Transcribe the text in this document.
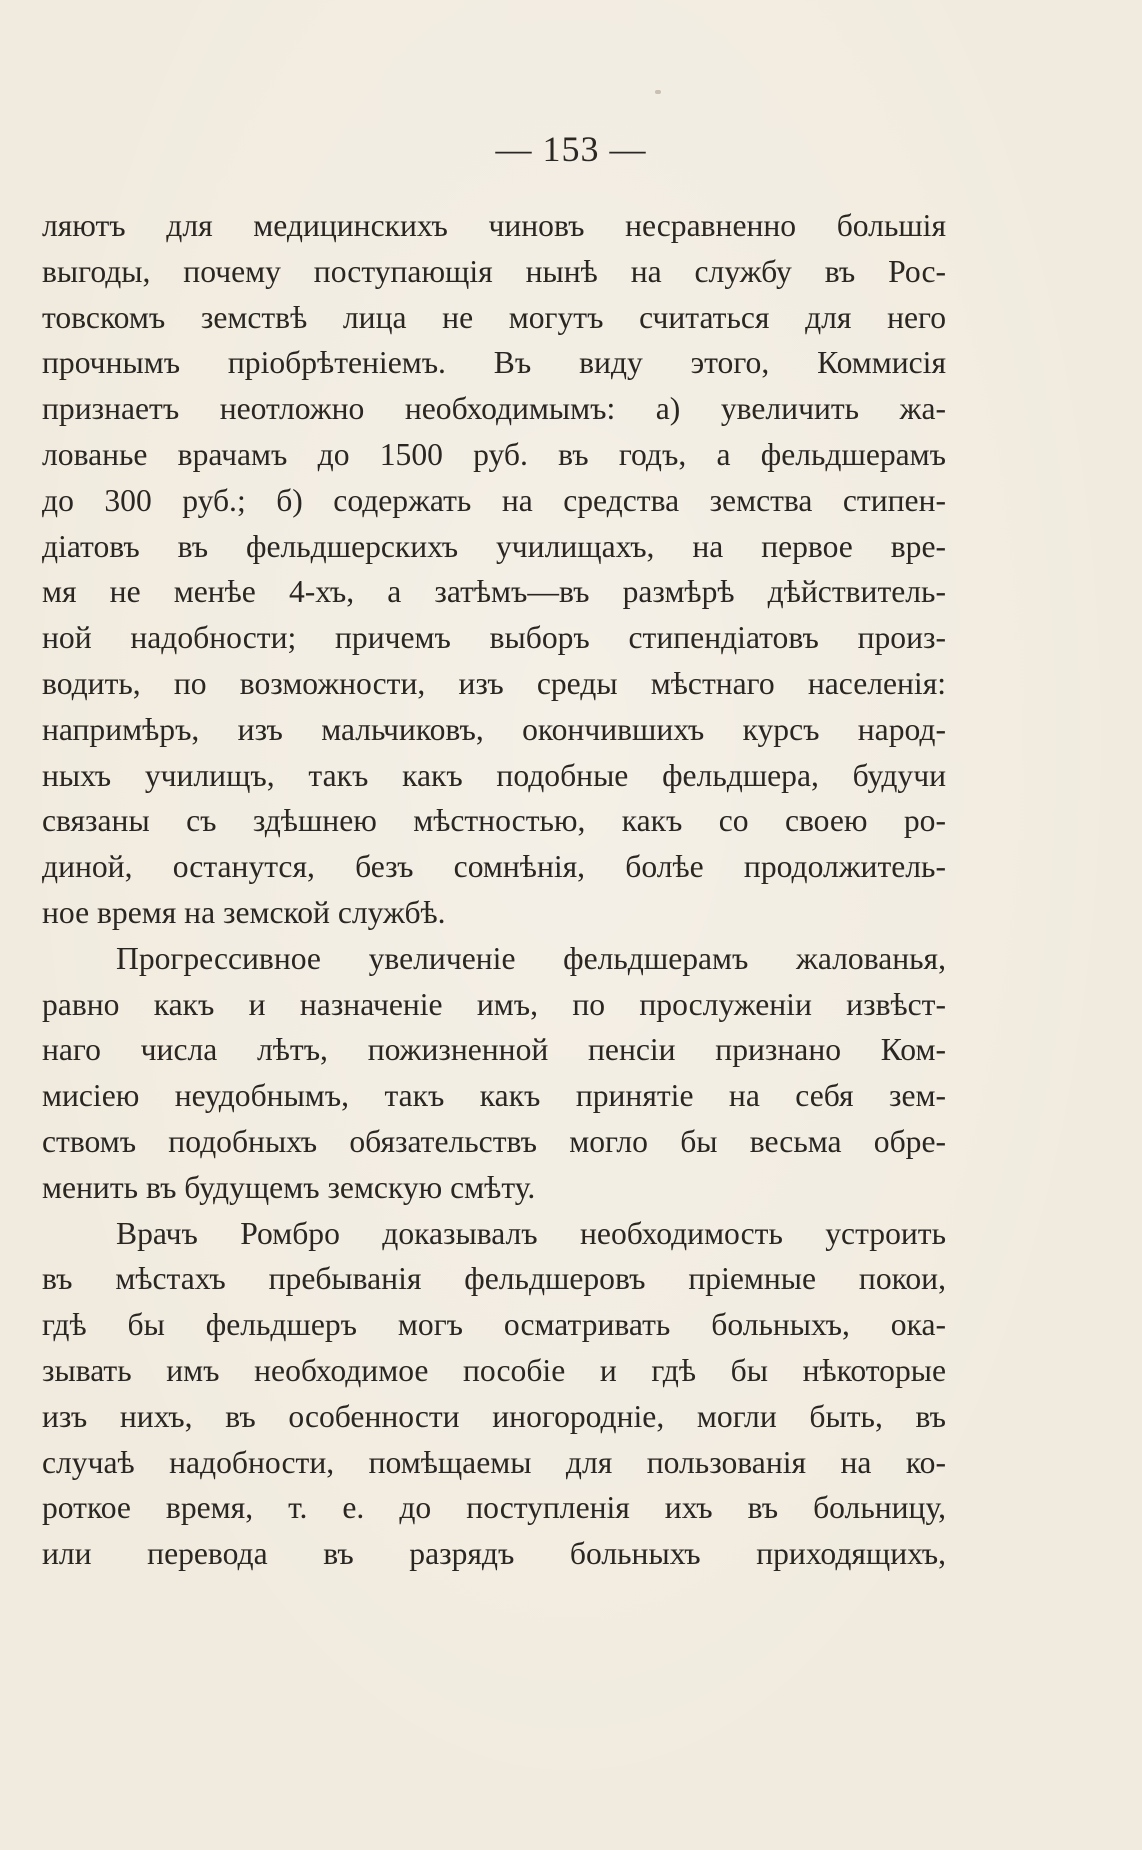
— 153 —
ляютъ для медицинскихъ чиновъ несравненно большія
выгоды, почему поступающія нынѣ на службу въ Рос-
товскомъ земствѣ лица не могутъ считаться для него
прочнымъ пріобрѣтеніемъ. Въ виду этого, Коммисія
признаетъ неотложно необходимымъ: а) увеличить жа-
лованье врачамъ до 1500 руб. въ годъ, а фельдшерамъ
до 300 руб.; б) содержать на средства земства стипен-
діатовъ въ фельдшерскихъ училищахъ, на первое вре-
мя не менѣе 4-хъ, а затѣмъ—въ размѣрѣ дѣйствитель-
ной надобности; причемъ выборъ стипендіатовъ произ-
водить, по возможности, изъ среды мѣстнаго населенія:
напримѣръ, изъ мальчиковъ, окончившихъ курсъ народ-
ныхъ училищъ, такъ какъ подобные фельдшера, будучи
связаны съ здѣшнею мѣстностью, какъ со своею ро-
диной, останутся, безъ сомнѣнія, болѣе продолжитель-
ное время на земской службѣ.
Прогрессивное увеличеніе фельдшерамъ жалованья,
равно какъ и назначеніе имъ, по прослуженіи извѣст-
наго числа лѣтъ, пожизненной пенсіи признано Ком-
мисіею неудобнымъ, такъ какъ принятіе на себя зем-
ствомъ подобныхъ обязательствъ могло бы весьма обре-
менить въ будущемъ земскую смѣту.
Врачъ Ромбро доказывалъ необходимость устроить
въ мѣстахъ пребыванія фельдшеровъ пріемные покои,
гдѣ бы фельдшеръ могъ осматривать больныхъ, ока-
зывать имъ необходимое пособіе и гдѣ бы нѣкоторые
изъ нихъ, въ особенности иногородніе, могли быть, въ
случаѣ надобности, помѣщаемы для пользованія на ко-
роткое время, т. е. до поступленія ихъ въ больницу,
или перевода въ разрядъ больныхъ приходящихъ,
